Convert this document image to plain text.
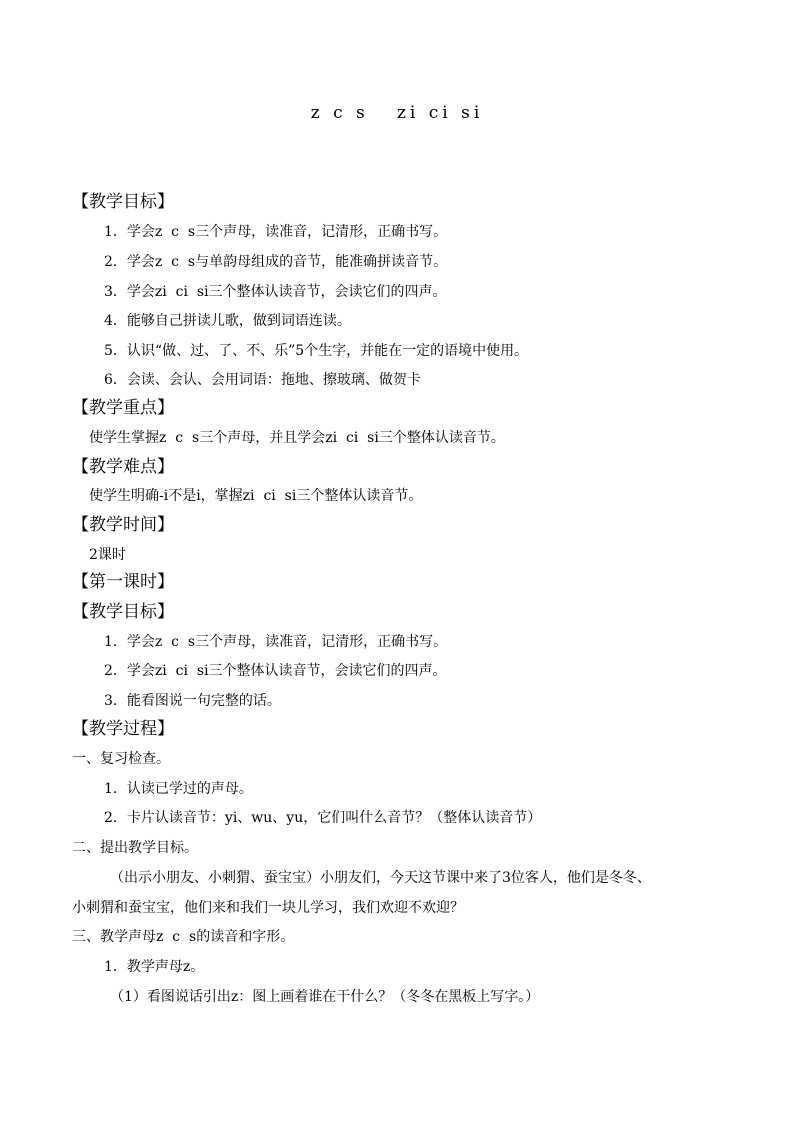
z c s   zi ci si
【教学目标】
1．学会z  c  s三个声母，读准音，记清形，正确书写。
2．学会z  c  s与单韵母组成的音节，能准确拼读音节。
3．学会zi  ci  si三个整体认读音节，会读它们的四声。
4．能够自己拼读儿歌，做到词语连读。
5．认识“做、过、了、不、乐”5个生字，并能在一定的语境中使用。
6．会读、会认、会用词语：拖地、擦玻璃、做贺卡
【教学重点】
使学生掌握z  c  s三个声母，并且学会zi  ci  si三个整体认读音节。
【教学难点】
使学生明确-i不是i，掌握zi  ci  si三个整体认读音节。
【教学时间】
2课时
【第一课时】
【教学目标】
1．学会z  c  s三个声母，读准音，记清形，正确书写。
2．学会zi  ci  si三个整体认读音节，会读它们的四声。
3．能看图说一句完整的话。
【教学过程】
一、复习检查。
1．认读已学过的声母。
2．卡片认读音节：yi、wu、yu，它们叫什么音节？（整体认读音节）
二、提出教学目标。
（出示小朋友、小刺猬、蚕宝宝）小朋友们，今天这节课中来了3位客人，他们是冬冬、
小刺猬和蚕宝宝，他们来和我们一块儿学习，我们欢迎不欢迎？
三、教学声母z  c  s的读音和字形。
1．教学声母z。
（1）看图说话引出z：图上画着谁在干什么？（冬冬在黑板上写字。）
